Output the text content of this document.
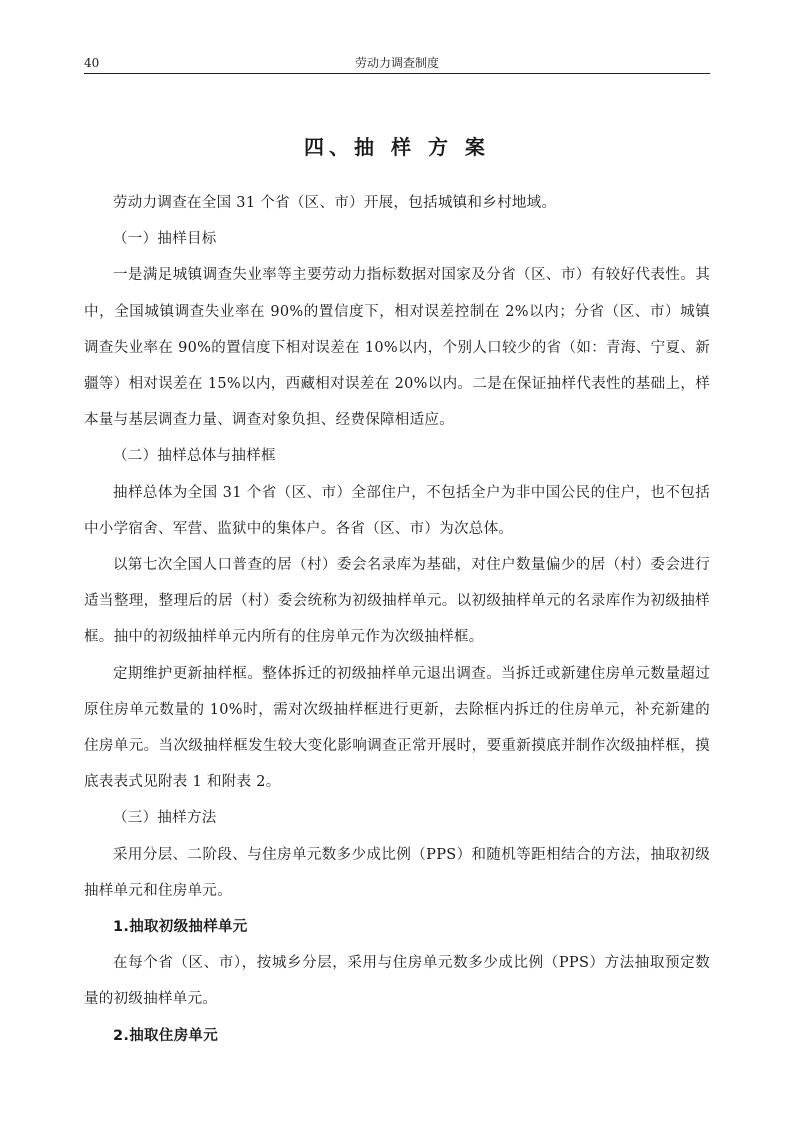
40	劳动力调查制度
四、抽 样 方 案

劳动力调查在全国 31 个省（区、市）开展，包括城镇和乡村地域。

（一）抽样目标

一是满足城镇调查失业率等主要劳动力指标数据对国家及分省（区、市）有较好代表性。其中，全国城镇调查失业率在 90%的置信度下，相对误差控制在 2%以内；分省（区、市）城镇调查失业率在 90%的置信度下相对误差在 10%以内，个别人口较少的省（如：青海、宁夏、新疆等）相对误差在 15%以内，西藏相对误差在 20%以内。二是在保证抽样代表性的基础上，样本量与基层调查力量、调查对象负担、经费保障相适应。

（二）抽样总体与抽样框

抽样总体为全国 31 个省（区、市）全部住户，不包括全户为非中国公民的住户，也不包括中小学宿舍、军营、监狱中的集体户。各省（区、市）为次总体。

以第七次全国人口普查的居（村）委会名录库为基础，对住户数量偏少的居（村）委会进行适当整理，整理后的居（村）委会统称为初级抽样单元。以初级抽样单元的名录库作为初级抽样框。抽中的初级抽样单元内所有的住房单元作为次级抽样框。

定期维护更新抽样框。整体拆迁的初级抽样单元退出调查。当拆迁或新建住房单元数量超过原住房单元数量的 10%时，需对次级抽样框进行更新，去除框内拆迁的住房单元，补充新建的住房单元。当次级抽样框发生较大变化影响调查正常开展时，要重新摸底并制作次级抽样框，摸底表表式见附表 1 和附表 2。

（三）抽样方法

采用分层、二阶段、与住房单元数多少成比例（PPS）和随机等距相结合的方法，抽取初级抽样单元和住房单元。

1.抽取初级抽样单元

在每个省（区、市），按城乡分层，采用与住房单元数多少成比例（PPS）方法抽取预定数量的初级抽样单元。

2.抽取住房单元
